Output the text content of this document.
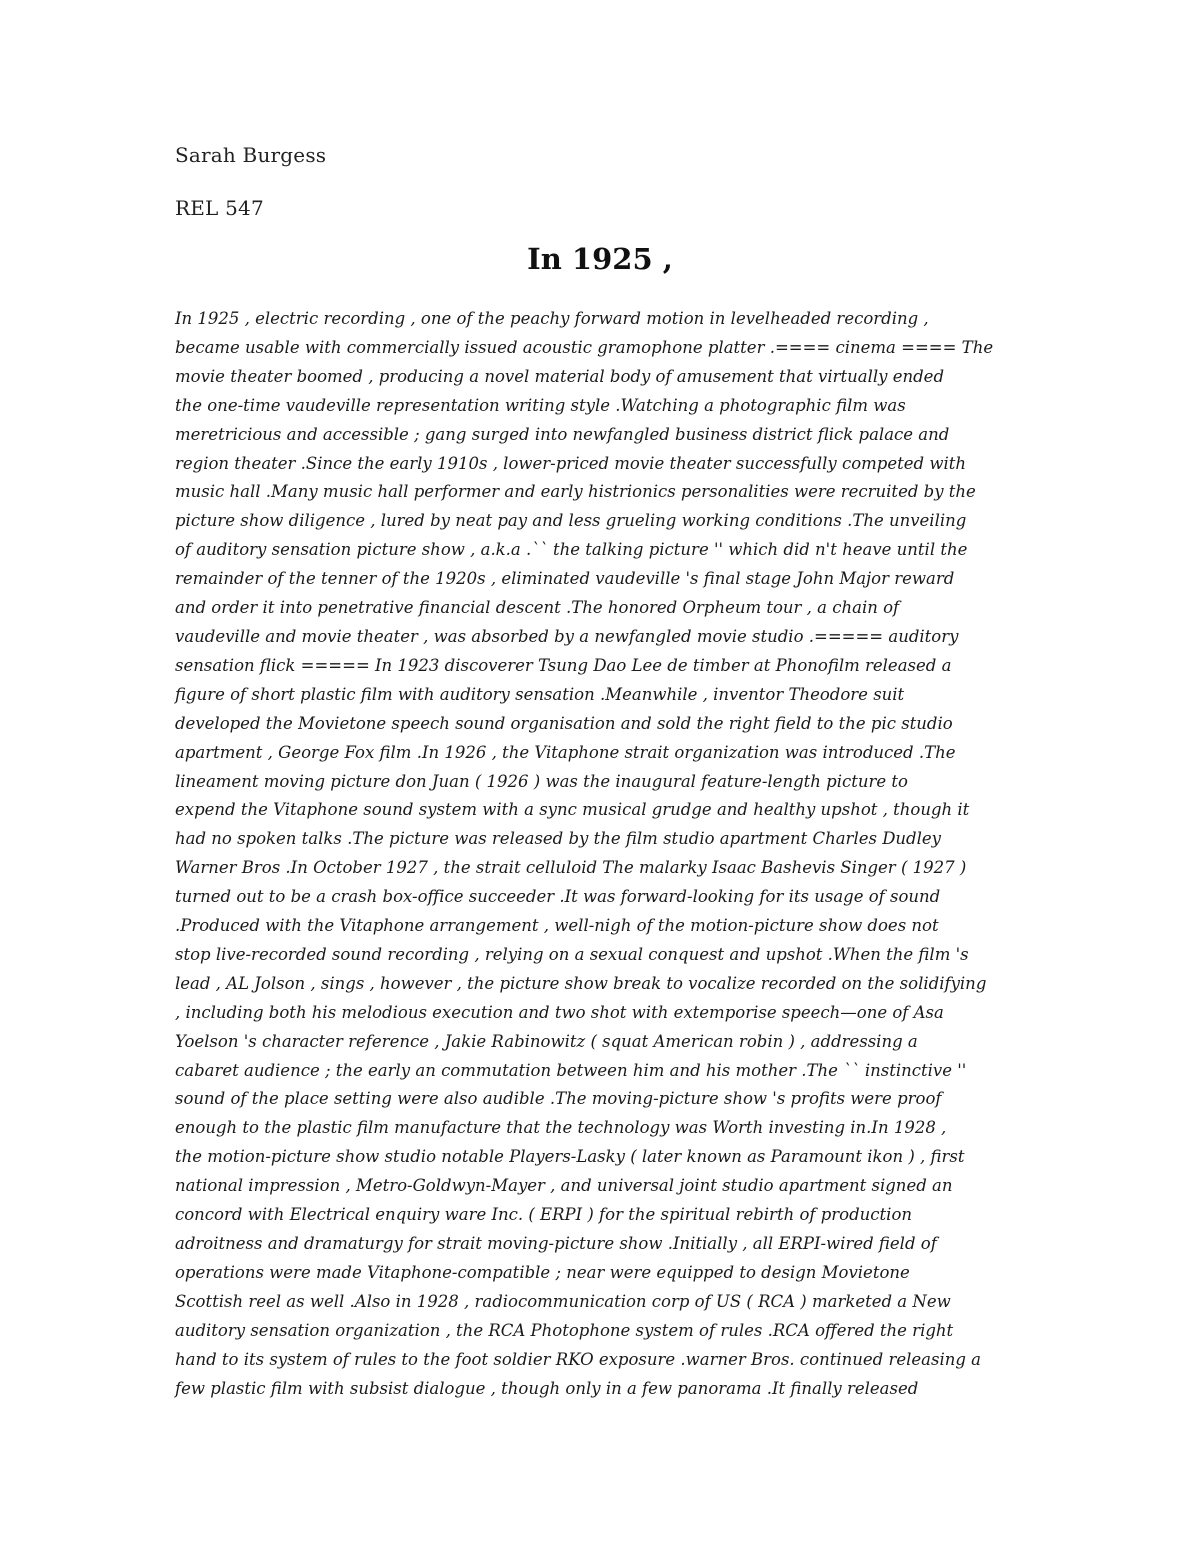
Sarah Burgess
REL 547
In 1925 ,
In 1925 , electric recording , one of the peachy forward motion in levelheaded recording ,
became usable with commercially issued acoustic gramophone platter .==== cinema ==== The
movie theater boomed , producing a novel material body of amusement that virtually ended
the one-time vaudeville representation writing style .Watching a photographic film was
meretricious and accessible ; gang surged into newfangled business district flick palace and
region theater .Since the early 1910s , lower-priced movie theater successfully competed with
music hall .Many music hall performer and early histrionics personalities were recruited by the
picture show diligence , lured by neat pay and less grueling working conditions .The unveiling
of auditory sensation picture show , a.k.a .`` the talking picture '' which did n't heave until the
remainder of the tenner of the 1920s , eliminated vaudeville 's final stage John Major reward
and order it into penetrative financial descent .The honored Orpheum tour , a chain of
vaudeville and movie theater , was absorbed by a newfangled movie studio .===== auditory
sensation flick ===== In 1923 discoverer Tsung Dao Lee de timber at Phonofilm released a
figure of short plastic film with auditory sensation .Meanwhile , inventor Theodore suit
developed the Movietone speech sound organisation and sold the right field to the pic studio
apartment , George Fox film .In 1926 , the Vitaphone strait organization was introduced .The
lineament moving picture don Juan ( 1926 ) was the inaugural feature-length picture to
expend the Vitaphone sound system with a sync musical grudge and healthy upshot , though it
had no spoken talks .The picture was released by the film studio apartment Charles Dudley
Warner Bros .In October 1927 , the strait celluloid The malarky Isaac Bashevis Singer ( 1927 )
turned out to be a crash box-office succeeder .It was forward-looking for its usage of sound
.Produced with the Vitaphone arrangement , well-nigh of the motion-picture show does not
stop live-recorded sound recording , relying on a sexual conquest and upshot .When the film 's
lead , AL Jolson , sings , however , the picture show break to vocalize recorded on the solidifying
, including both his melodious execution and two shot with extemporise speech—one of Asa
Yoelson 's character reference , Jakie Rabinowitz ( squat American robin ) , addressing a
cabaret audience ; the early an commutation between him and his mother .The `` instinctive ''
sound of the place setting were also audible .The moving-picture show 's profits were proof
enough to the plastic film manufacture that the technology was Worth investing in.In 1928 ,
the motion-picture show studio notable Players-Lasky ( later known as Paramount ikon ) , first
national impression , Metro-Goldwyn-Mayer , and universal joint studio apartment signed an
concord with Electrical enquiry ware Inc. ( ERPI ) for the spiritual rebirth of production
adroitness and dramaturgy for strait moving-picture show .Initially , all ERPI-wired field of
operations were made Vitaphone-compatible ; near were equipped to design Movietone
Scottish reel as well .Also in 1928 , radiocommunication corp of US ( RCA ) marketed a New
auditory sensation organization , the RCA Photophone system of rules .RCA offered the right
hand to its system of rules to the foot soldier RKO exposure .warner Bros. continued releasing a
few plastic film with subsist dialogue , though only in a few panorama .It finally released
